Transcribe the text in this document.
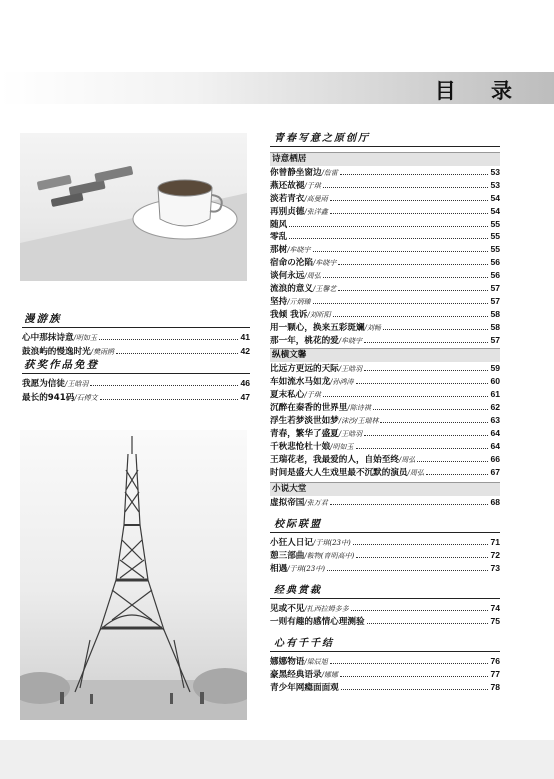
目 录
漫游族
心中那抹诗意 /明如玉	41
鼓浪屿的慢逸时光 /樊雨鸥	42
获奖作品免登
我愿为信徒 /王晗羽	46
最长的941码 /石傅文	47
青春写意之原创厅
诗意栖居
你曾静坐窗边 /詹雷	53
燕还故褪 /于琪	53
淡若青衣 /高曼雨	54
再别贞德 /张洋鑫	54
随风	55
零乱	55
那树 /牟晓宇	55
宿命の沦陷 /牟晓宇	56
谈何永远 /周弘	56
流浪的意义 /王馨艺	57
坚持 /亓炳臻	57
我倾 我诉 /刘昕阳	58
用一颗心，换来五彩斑斓 /刘畅	58
那一年，桃花的爱 /牟晓宇	57
纵横文馨
比远方更远的天际 /王晗羽	59
车如流水马如龙 /孙鸿涛	60
夏末私心 /于琪	61
沉醉在秦香的世界里 /陈诗祺	62
浮生若梦淡世如梦 /沫沙/王瑞林	63
青春，繁华了盛夏 /王晗羽	64
千秋悲怆杜十娘 /明如玉	64
王瑞花老，我最爱的人，自始至终 /周弘	66
时间是盛大人生戏里最不沉默的演员 /周弘	67
小说大堂
虚拟帝国 /张万君	68
校际联盟
小狂人日记 /于琪(23中)	71
憩三部曲 /鞍物(育明高中)	72
相遇 /于琪(23中)	73
经典赏裁
见或不见 /扎西拉姆多多	74
一则有趣的感情心理测验	75
心有千千结
娜娜物语 /梁辰旭	76
豪黑经典语录 /娜娜	77
青少年网瘾面面观	78
